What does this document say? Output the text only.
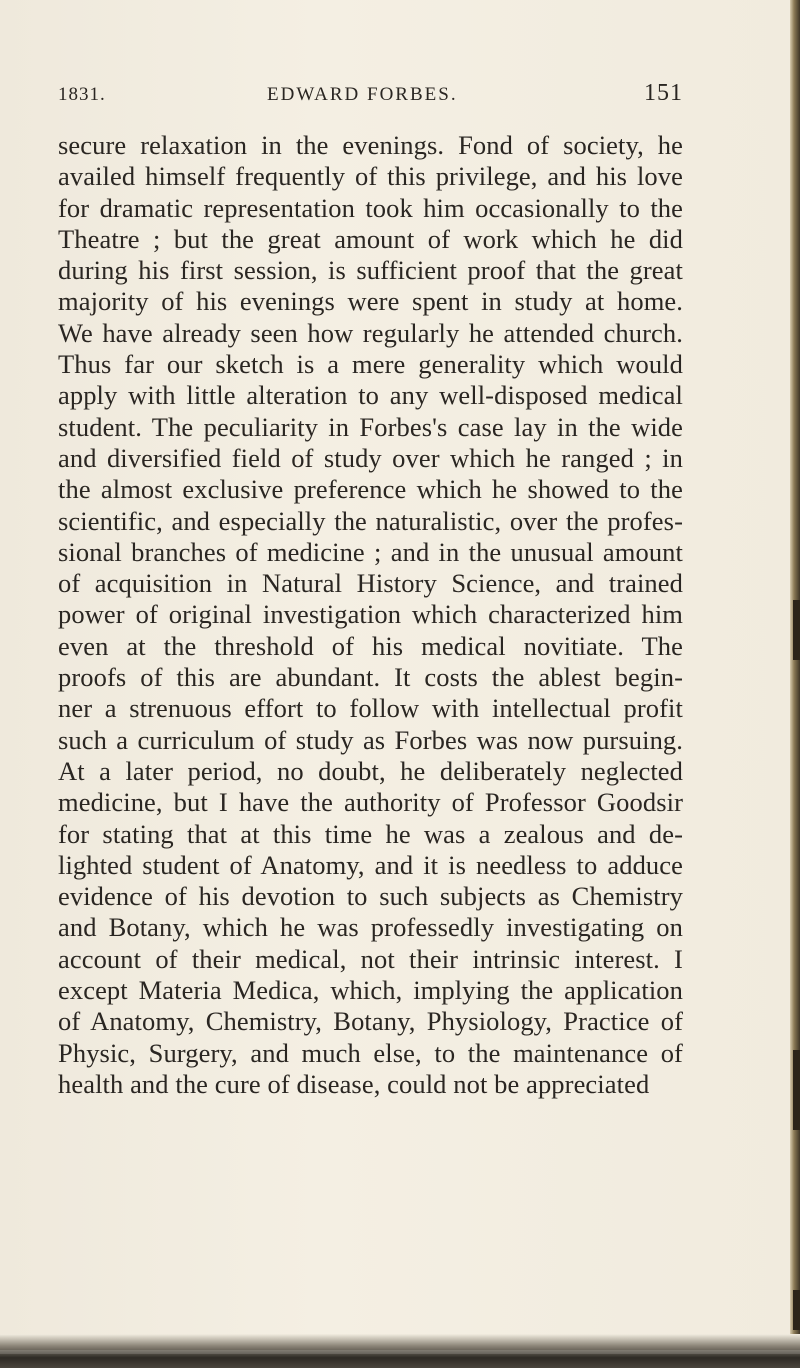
1831.	EDWARD FORBES.	151
secure relaxation in the evenings. Fond of society, he
availed himself frequently of this privilege, and his love
for dramatic representation took him occasionally to the
Theatre ; but the great amount of work which he did
during his first session, is sufficient proof that the great
majority of his evenings were spent in study at home.
We have already seen how regularly he attended church.
Thus far our sketch is a mere generality which would
apply with little alteration to any well-disposed medical
student. The peculiarity in Forbes's case lay in the wide
and diversified field of study over which he ranged ; in
the almost exclusive preference which he showed to the
scientific, and especially the naturalistic, over the profes-
sional branches of medicine ; and in the unusual amount
of acquisition in Natural History Science, and trained
power of original investigation which characterized him
even at the threshold of his medical novitiate. The
proofs of this are abundant. It costs the ablest begin-
ner a strenuous effort to follow with intellectual profit
such a curriculum of study as Forbes was now pursuing.
At a later period, no doubt, he deliberately neglected
medicine, but I have the authority of Professor Goodsir
for stating that at this time he was a zealous and de-
lighted student of Anatomy, and it is needless to adduce
evidence of his devotion to such subjects as Chemistry
and Botany, which he was professedly investigating on
account of their medical, not their intrinsic interest. I
except Materia Medica, which, implying the application
of Anatomy, Chemistry, Botany, Physiology, Practice of
Physic, Surgery, and much else, to the maintenance of
health and the cure of disease, could not be appreciated
